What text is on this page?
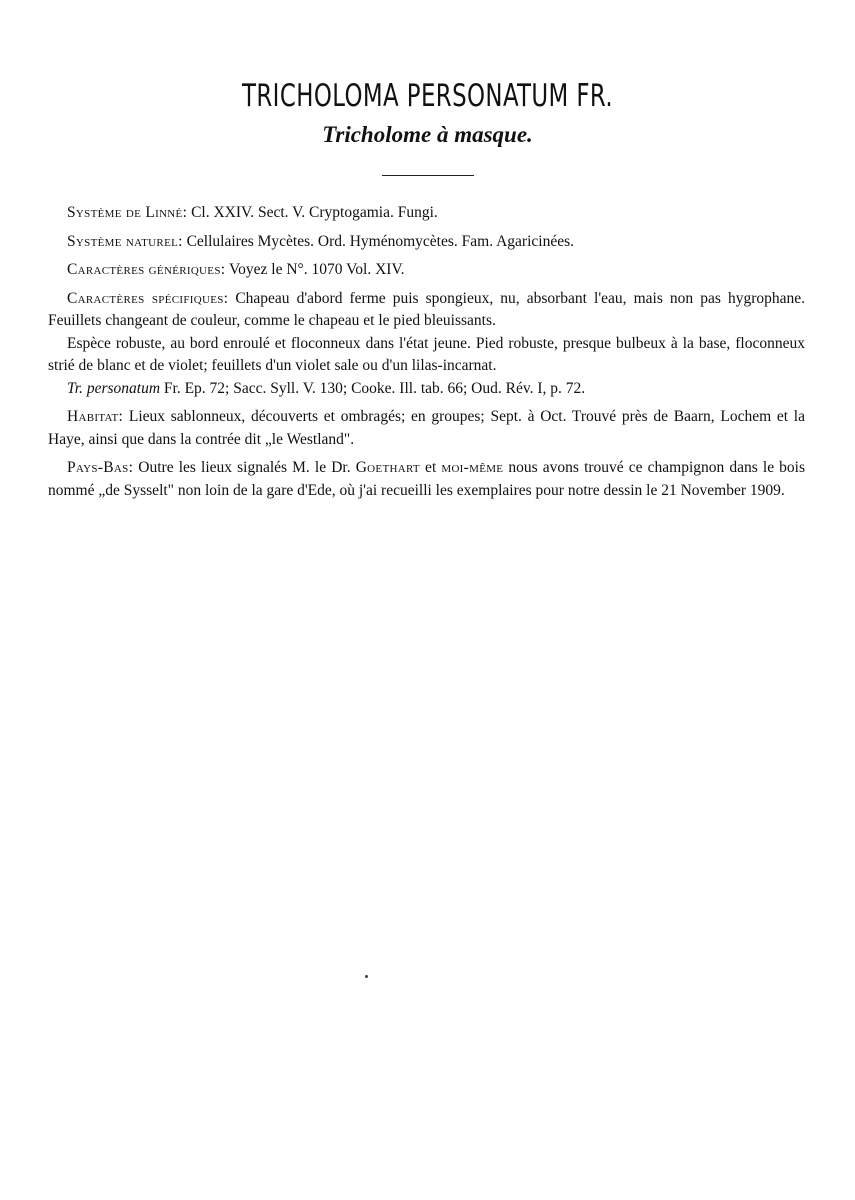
TRICHOLOMA PERSONATUM FR.
Tricholome à masque.

Système de Linné: Cl. XXIV. Sect. V. Cryptogamia. Fungi.

Système naturel: Cellulaires Mycètes. Ord. Hyménomycètes. Fam. Agaricinées.

Caractères génériques: Voyez le N°. 1070 Vol. XIV.

Caractères spécifiques: Chapeau d'abord ferme puis spongieux, nu, absorbant l'eau, mais non pas hygrophane. Feuillets changeant de couleur, comme le chapeau et le pied bleuissants.

Espèce robuste, au bord enroulé et floconneux dans l'état jeune. Pied robuste, presque bulbeux à la base, floconneux strié de blanc et de violet; feuillets d'un violet sale ou d'un lilas-incarnat.

Tr. personatum Fr. Ep. 72; Sacc. Syll. V. 130; Cooke. Ill. tab. 66; Oud. Rév. I, p. 72.

Habitat: Lieux sablonneux, découverts et ombragés; en groupes; Sept. à Oct. Trouvé près de Baarn, Lochem et la Haye, ainsi que dans la contrée dit „le Westland".

Pays-Bas: Outre les lieux signalés M. le Dr. Goethart et moi-même nous avons trouvé ce champignon dans le bois nommé „de Sysselt" non loin de la gare d'Ede, où j'ai recueilli les exemplaires pour notre dessin le 21 November 1909.
